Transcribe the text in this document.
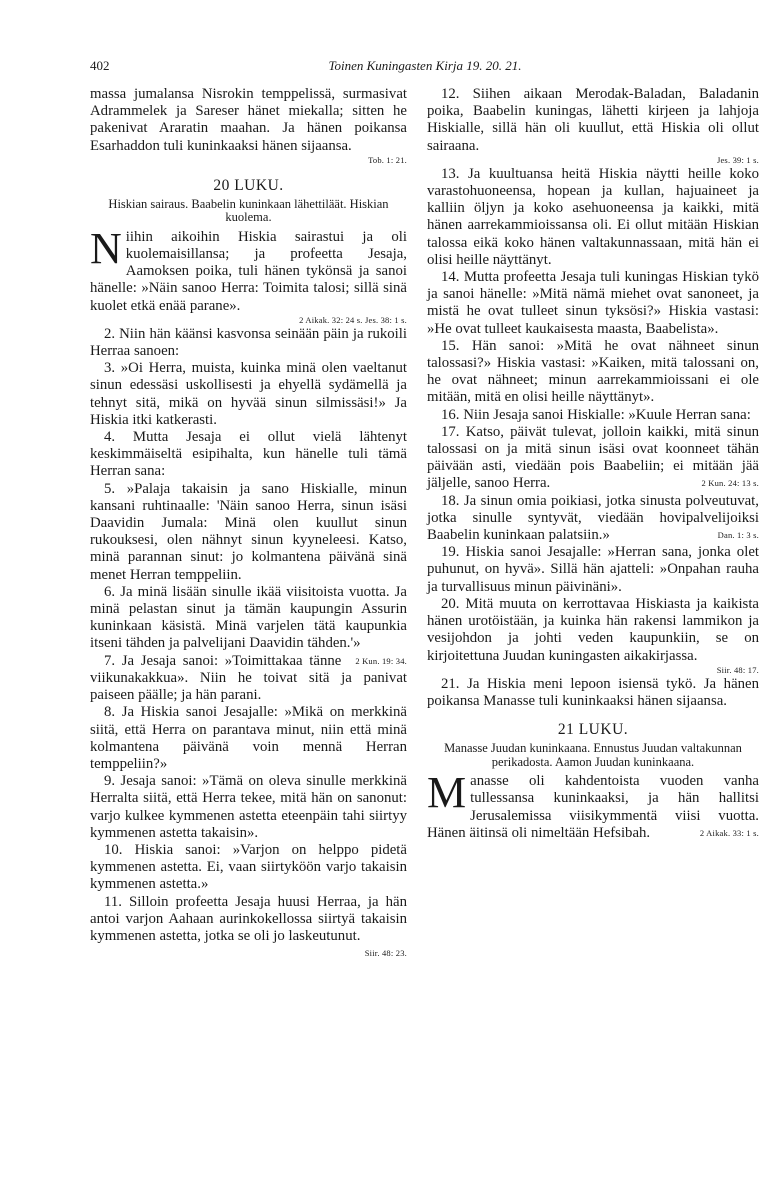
402	Toinen Kuningasten Kirja 19. 20. 21.

massa jumalansa Nisrokin temppelissä, surmasivat Adrammelek ja Sareser hänet miekalla; sitten he pakenivat Araratin maahan. Ja hänen poikansa Esarhaddon tuli kuninkaaksi hänen sijaansa.

Tob. 1: 21.
20 LUKU.
Hiskian sairaus. Baabelin kuninkaan lähettiläät. Hiskian kuolema.

Niihin aikoihin Hiskia sairastui ja oli kuolemaisillansa; ja profeetta Jesaja, Aamoksen poika, tuli hänen tykönsä ja sanoi hänelle: »Näin sanoo Herra: Toimita talosi; sillä sinä kuolet etkä enää parane».

2 Aikak. 32: 24 s. Jes. 38: 1 s.

2. Niin hän käänsi kasvonsa seinään päin ja rukoili Herraa sanoen:

3. »Oi Herra, muista, kuinka minä olen vaeltanut sinun edessäsi uskollisesti ja ehyellä sydämellä ja tehnyt sitä, mikä on hyvää sinun silmissäsi!» Ja Hiskia itki katkerasti.

4. Mutta Jesaja ei ollut vielä lähtenyt keskimmäiseltä esipihalta, kun hänelle tuli tämä Herran sana:

5. »Palaja takaisin ja sano Hiskialle, minun kansani ruhtinaalle: 'Näin sanoo Herra, sinun isäsi Daavidin Jumala: Minä olen kuullut sinun rukouksesi, olen nähnyt sinun kyyneleesi. Katso, minä parannan sinut: jo kolmantena päivänä sinä menet Herran temppeliin.

6. Ja minä lisään sinulle ikää viisitoista vuotta. Ja minä pelastan sinut ja tämän kaupungin Assurin kuninkaan käsistä. Minä varjelen tätä kaupunkia itseni tähden ja palvelijani Daavidin tähden.'»
2 Kun. 19: 34.

7. Ja Jesaja sanoi: »Toimittakaa tänne viikunakakkua». Niin he toivat sitä ja panivat paiseen päälle; ja hän parani.

8. Ja Hiskia sanoi Jesajalle: »Mikä on merkkinä siitä, että Herra on parantava minut, niin että minä kolmantena päivänä voin mennä Herran temppeliin?»

9. Jesaja sanoi: »Tämä on oleva sinulle merkkinä Herralta siitä, että Herra tekee, mitä hän on sanonut: varjo kulkee kymmenen astetta eteenpäin tahi siirtyy kymmenen astetta takaisin».

10. Hiskia sanoi: »Varjon on helppo pidetä kymmenen astetta. Ei, vaan siirtyköön varjo takaisin kymmenen astetta.»

11. Silloin profeetta Jesaja huusi Herraa, ja hän antoi varjon Aahaan aurinkokellossa siirtyä takaisin kymmenen astetta, jotka se oli jo laskeutunut.
Siir. 48: 23.

12. Siihen aikaan Merodak-Baladan, Baladanin poika, Baabelin kuningas, lähetti kirjeen ja lahjoja Hiskialle, sillä hän oli kuullut, että Hiskia oli ollut sairaana.

Jes. 39: 1 s.

13. Ja kuultuansa heitä Hiskia näytti heille koko varastohuoneensa, hopean ja kullan, hajuaineet ja kalliin öljyn ja koko asehuoneensa ja kaikki, mitä hänen aarrekammioissansa oli. Ei ollut mitään Hiskian talossa eikä koko hänen valtakunnassaan, mitä hän ei olisi heille näyttänyt.

14. Mutta profeetta Jesaja tuli kuningas Hiskian tykö ja sanoi hänelle: »Mitä nämä miehet ovat sanoneet, ja mistä he ovat tulleet sinun tyksösi?» Hiskia vastasi: »He ovat tulleet kaukaisesta maasta, Baabelista».

15. Hän sanoi: »Mitä he ovat nähneet sinun talossasi?» Hiskia vastasi: »Kaiken, mitä talossani on, he ovat nähneet; minun aarrekammioissani ei ole mitään, mitä en olisi heille näyttänyt».

16. Niin Jesaja sanoi Hiskialle: »Kuule Herran sana:

17. Katso, päivät tulevat, jolloin kaikki, mitä sinun talossasi on ja mitä sinun isäsi ovat koonneet tähän päivään asti, viedään pois Baabeliin; ei mitään jää jäljelle, sanoo Herra.	2 Kun. 24: 13 s.

18. Ja sinun omia poikiasi, jotka sinusta polveutuvat, jotka sinulle syntyvät, viedään hovipalvelijoiksi Baabelin kuninkaan palatsiin.»	Dan. 1: 3 s.

19. Hiskia sanoi Jesajalle: »Herran sana, jonka olet puhunut, on hyvä». Sillä hän ajatteli: »Onpahan rauha ja turvallisuus minun päivinäni».

20. Mitä muuta on kerrottavaa Hiskiasta ja kaikista hänen urotöistään, ja kuinka hän rakensi lammikon ja vesijohdon ja johti veden kaupunkiin, se on kirjoitettuna Juudan kuningasten aikakirjassa.

Siir. 48: 17.

21. Ja Hiskia meni lepoon isiensä tykö. Ja hänen poikansa Manasse tuli kuninkaaksi hänen sijaansa.

21 LUKU.
Manasse Juudan kuninkaana. Ennustus Juudan valtakunnan perikadosta. Aamon Juudan kuninkaana.

Manasse oli kahdentoista vuoden vanha tullessansa kuninkaaksi, ja hän hallitsi Jerusalemissa viisikymmentä viisi vuotta. Hänen äitinsä oli nimeltään Hefsibah.	2 Aikak. 33: 1 s.
